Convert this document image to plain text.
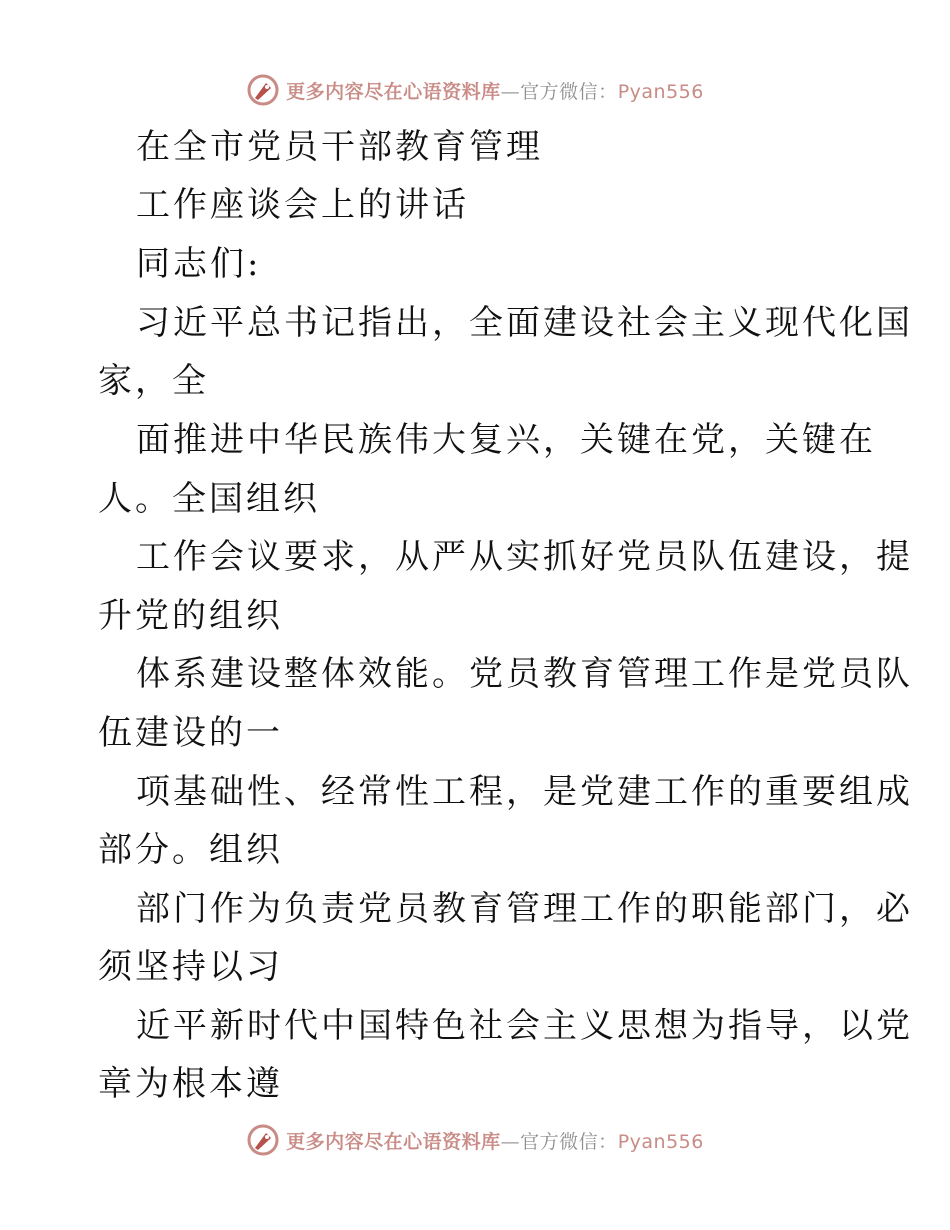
更多内容尽在心语资料库—官方微信：Pyan556
在全市党员干部教育管理
工作座谈会上的讲话
同志们:
习近平总书记指出，全面建设社会主义现代化国
家，全
面推进中华民族伟大复兴，关键在党，关键在
人。全国组织
工作会议要求，从严从实抓好党员队伍建设，提
升党的组织
体系建设整体效能。党员教育管理工作是党员队
伍建设的一
项基础性、经常性工程，是党建工作的重要组成
部分。组织
部门作为负责党员教育管理工作的职能部门，必
须坚持以习
近平新时代中国特色社会主义思想为指导，以党
章为根本遵
更多内容尽在心语资料库—官方微信：Pyan556
